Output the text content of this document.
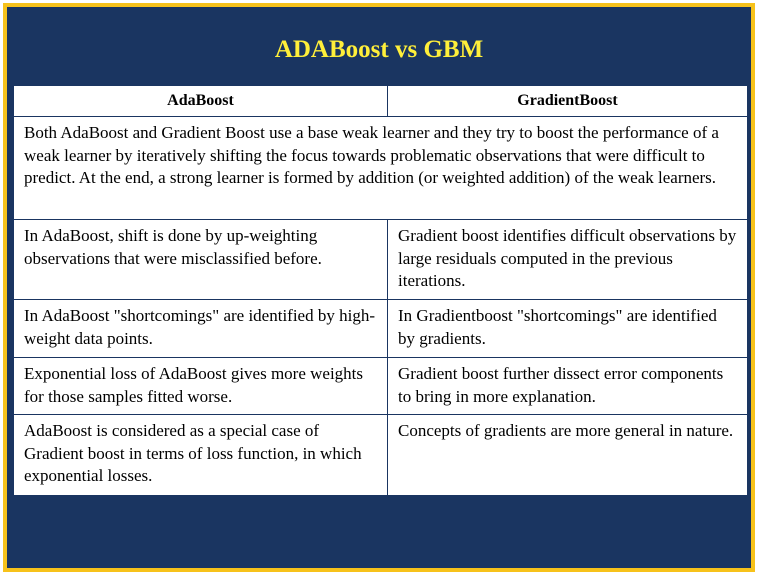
ADABoost vs GBM
AdaBoost	GradientBoost
Both AdaBoost and Gradient Boost use a base weak learner and they try to boost the performance of a weak learner by iteratively shifting the focus towards problematic observations that were difficult to predict. At the end, a strong learner is formed by addition (or weighted addition) of the weak learners.	
In AdaBoost, shift is done by up-weighting observations that were misclassified before.	Gradient boost identifies difficult observations by large residuals computed in the previous iterations.
In AdaBoost "shortcomings" are identified by high-weight data points.	In Gradientboost "shortcomings" are identified by gradients.
Exponential loss of AdaBoost gives more weights for those samples fitted worse.	Gradient boost further dissect error components to bring in more explanation.
AdaBoost is considered as a special case of Gradient boost in terms of loss function, in which exponential losses.	Concepts of gradients are more general in nature.
